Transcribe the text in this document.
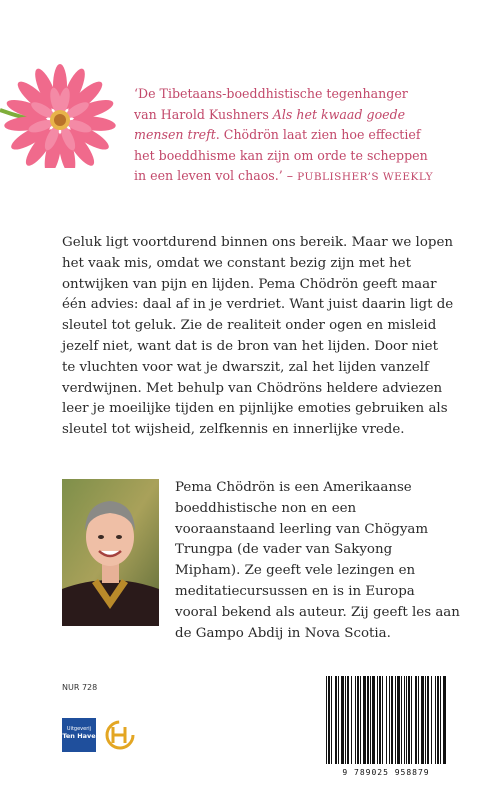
‘De Tibetaans-boeddhistische tegenhanger van Harold Kushners Als het kwaad goede mensen treft. Chödrön laat zien hoe effectief het boeddhisme kan zijn om orde te scheppen in een leven vol chaos.’ – PUBLISHER’S WEEKLY
Geluk ligt voortdurend binnen ons bereik. Maar we lopen het vaak mis, omdat we constant bezig zijn met het ontwijken van pijn en lijden. Pema Chödrön geeft maar één advies: daal af in je verdriet. Want juist daarin ligt de sleutel tot geluk. Zie de realiteit onder ogen en misleid jezelf niet, want dat is de bron van het lijden. Door niet te vluchten voor wat je dwarszit, zal het lijden vanzelf verdwijnen. Met behulp van Chödröns heldere adviezen leer je moeilijke tijden en pijnlijke emoties gebruiken als sleutel tot wijsheid, zelfkennis en innerlijke vrede.
Pema Chödrön is een Amerikaanse boeddhistische non en een vooraanstaand leerling van Chögyam Trungpa (de vader van Sakyong Mipham). Ze geeft vele lezingen en meditatiecursussen en is in Europa vooral bekend als auteur. Zij geeft les aan de Gampo Abdij in Nova Scotia.
NUR 728
Uitgeverij
Ten Have
9 789025 958879
